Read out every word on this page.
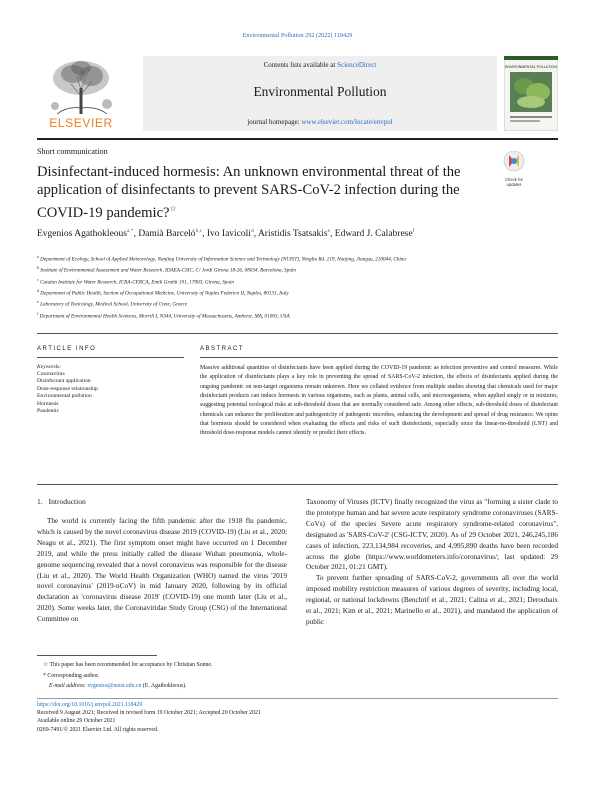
Environmental Pollution 292 (2022) 118429
ELSEVIER
Contents lists available at ScienceDirect
Environmental Pollution
journal homepage: www.elsevier.com/locate/envpol
ENVIRONMENTAL POLLUTION
Short communication
Disinfectant-induced hormesis: An unknown environmental threat of the application of disinfectants to prevent SARS-CoV-2 infection during the COVID-19 pandemic?☆
Check for updates
Evgenios Agathokleous$^{a,*}$, Damià Barceló$^{b,c}$, Ivo Iavicoli$^d$, Aristidis Tsatsakis$^e$, Edward J. Calabrese$^f$
$^a$ Department of Ecology, School of Applied Meteorology, Nanjing University of Information Science and Technology (NUIST), Ningliu Rd. 219, Nanjing, Jiangsu, 210044, China
$^b$ Institute of Environmental Assessment and Water Research, IDAEA-CSIC, C/ Jordi Girona 18-26, 08034, Barcelona, Spain
$^c$ Catalan Institute for Water Research, ICRA-CERCA, Emili Grahit 101, 17003, Girona, Spain
$^d$ Department of Public Health, Section of Occupational Medicine, University of Naples Federico II, Naples, 80131, Italy
$^e$ Laboratory of Toxicology, Medical School, University of Crete, Greece
$^f$ Department of Environmental Health Sciences, Morrill I, N344, University of Massachusetts, Amherst, MA, 01003, USA
ARTICLE INFO
Keywords:
Coronavirus
Disinfectant application
Dose-response relationship
Environmental pollution
Hormesis
Pandemic
ABSTRACT
Massive additional quantities of disinfectants have been applied during the COVID-19 pandemic as infection preventive and control measures. While the application of disinfectants plays a key role in preventing the spread of SARS-CoV-2 infection, the effects of disinfectants applied during the ongoing pandemic on non-target organisms remain unknown. Here we collated evidence from multiple studies showing that chemicals used for major disinfectant products can induce hormesis in various organisms, such as plants, animal cells, and microorganisms, when applied singly or in mixtures, suggesting potential ecological risks at sub-threshold doses that are normally considered safe. Among other effects, sub-threshold doses of disinfectant chemicals can enhance the proliferation and pathogenicity of pathogenic microbes, enhancing the development and spread of drug resistance. We opine that hormesis should be considered when evaluating the effects and risks of such disinfectants, especially since the linear-no-threshold (LNT) and threshold dose-response models cannot identify or predict their effects.
1. Introduction

The world is currently facing the fifth pandemic after the 1918 flu pandemic, which is caused by the novel coronavirus disease 2019 (COVID-19) (Liu et al., 2020; Neagu et al., 2021). The first symptom onset might have occurred on 1 December 2019, and while the press initially called the disease Wuhan pneumonia, whole-genome sequencing revealed that a novel coronavirus was responsible for the disease (Liu et al., 2020). The World Health Organization (WHO) named the virus '2019 novel coronavirus' (2019-nCoV) in mid January 2020, following by its official declaration as 'coronavirus disease 2019' (COVID-19) one month later (Liu et al., 2020). Some weeks later, the Coronaviridae Study Group (CSG) of the International Committee on

Taxonomy of Viruses (ICTV) finally recognized the virus as "forming a sister clade to the prototype human and bat severe acute respiratory syndrome coronaviruses (SARS-CoVs) of the species Severe acute respiratory syndrome-related coronavirus", designated as 'SARS-CoV-2' (CSG-ICTV, 2020). As of 29 October 2021, 246,245,186 cases of infection, 223,134,984 recoveries, and 4,995,890 deaths have been recorded across the globe (https://www.worldometers.info/coronavirus/; last updated: 29 October 2021, 01:21 GMT).

To prevent further spreading of SARS-CoV-2, governments all over the world imposed mobility restriction measures of various degrees of severity, including local, regional, or national lockdowns (Benchrif et al., 2021; Calina et al., 2021; Deroubaix et al., 2021; Kim et al., 2021; Marinello et al., 2021), and mandated the application of public

☆ This paper has been recommended for acceptance by Christian Sonne.
* Corresponding author.
E-mail address: evgenios@nuist.edu.cn (E. Agathokleous).
https://doi.org/10.1016/j.envpol.2021.118429
Received 9 August 2021; Received in revised form 19 October 2021; Accepted 20 October 2021
Available online 29 October 2021
0269-7491/© 2021 Elsevier Ltd. All rights reserved.
